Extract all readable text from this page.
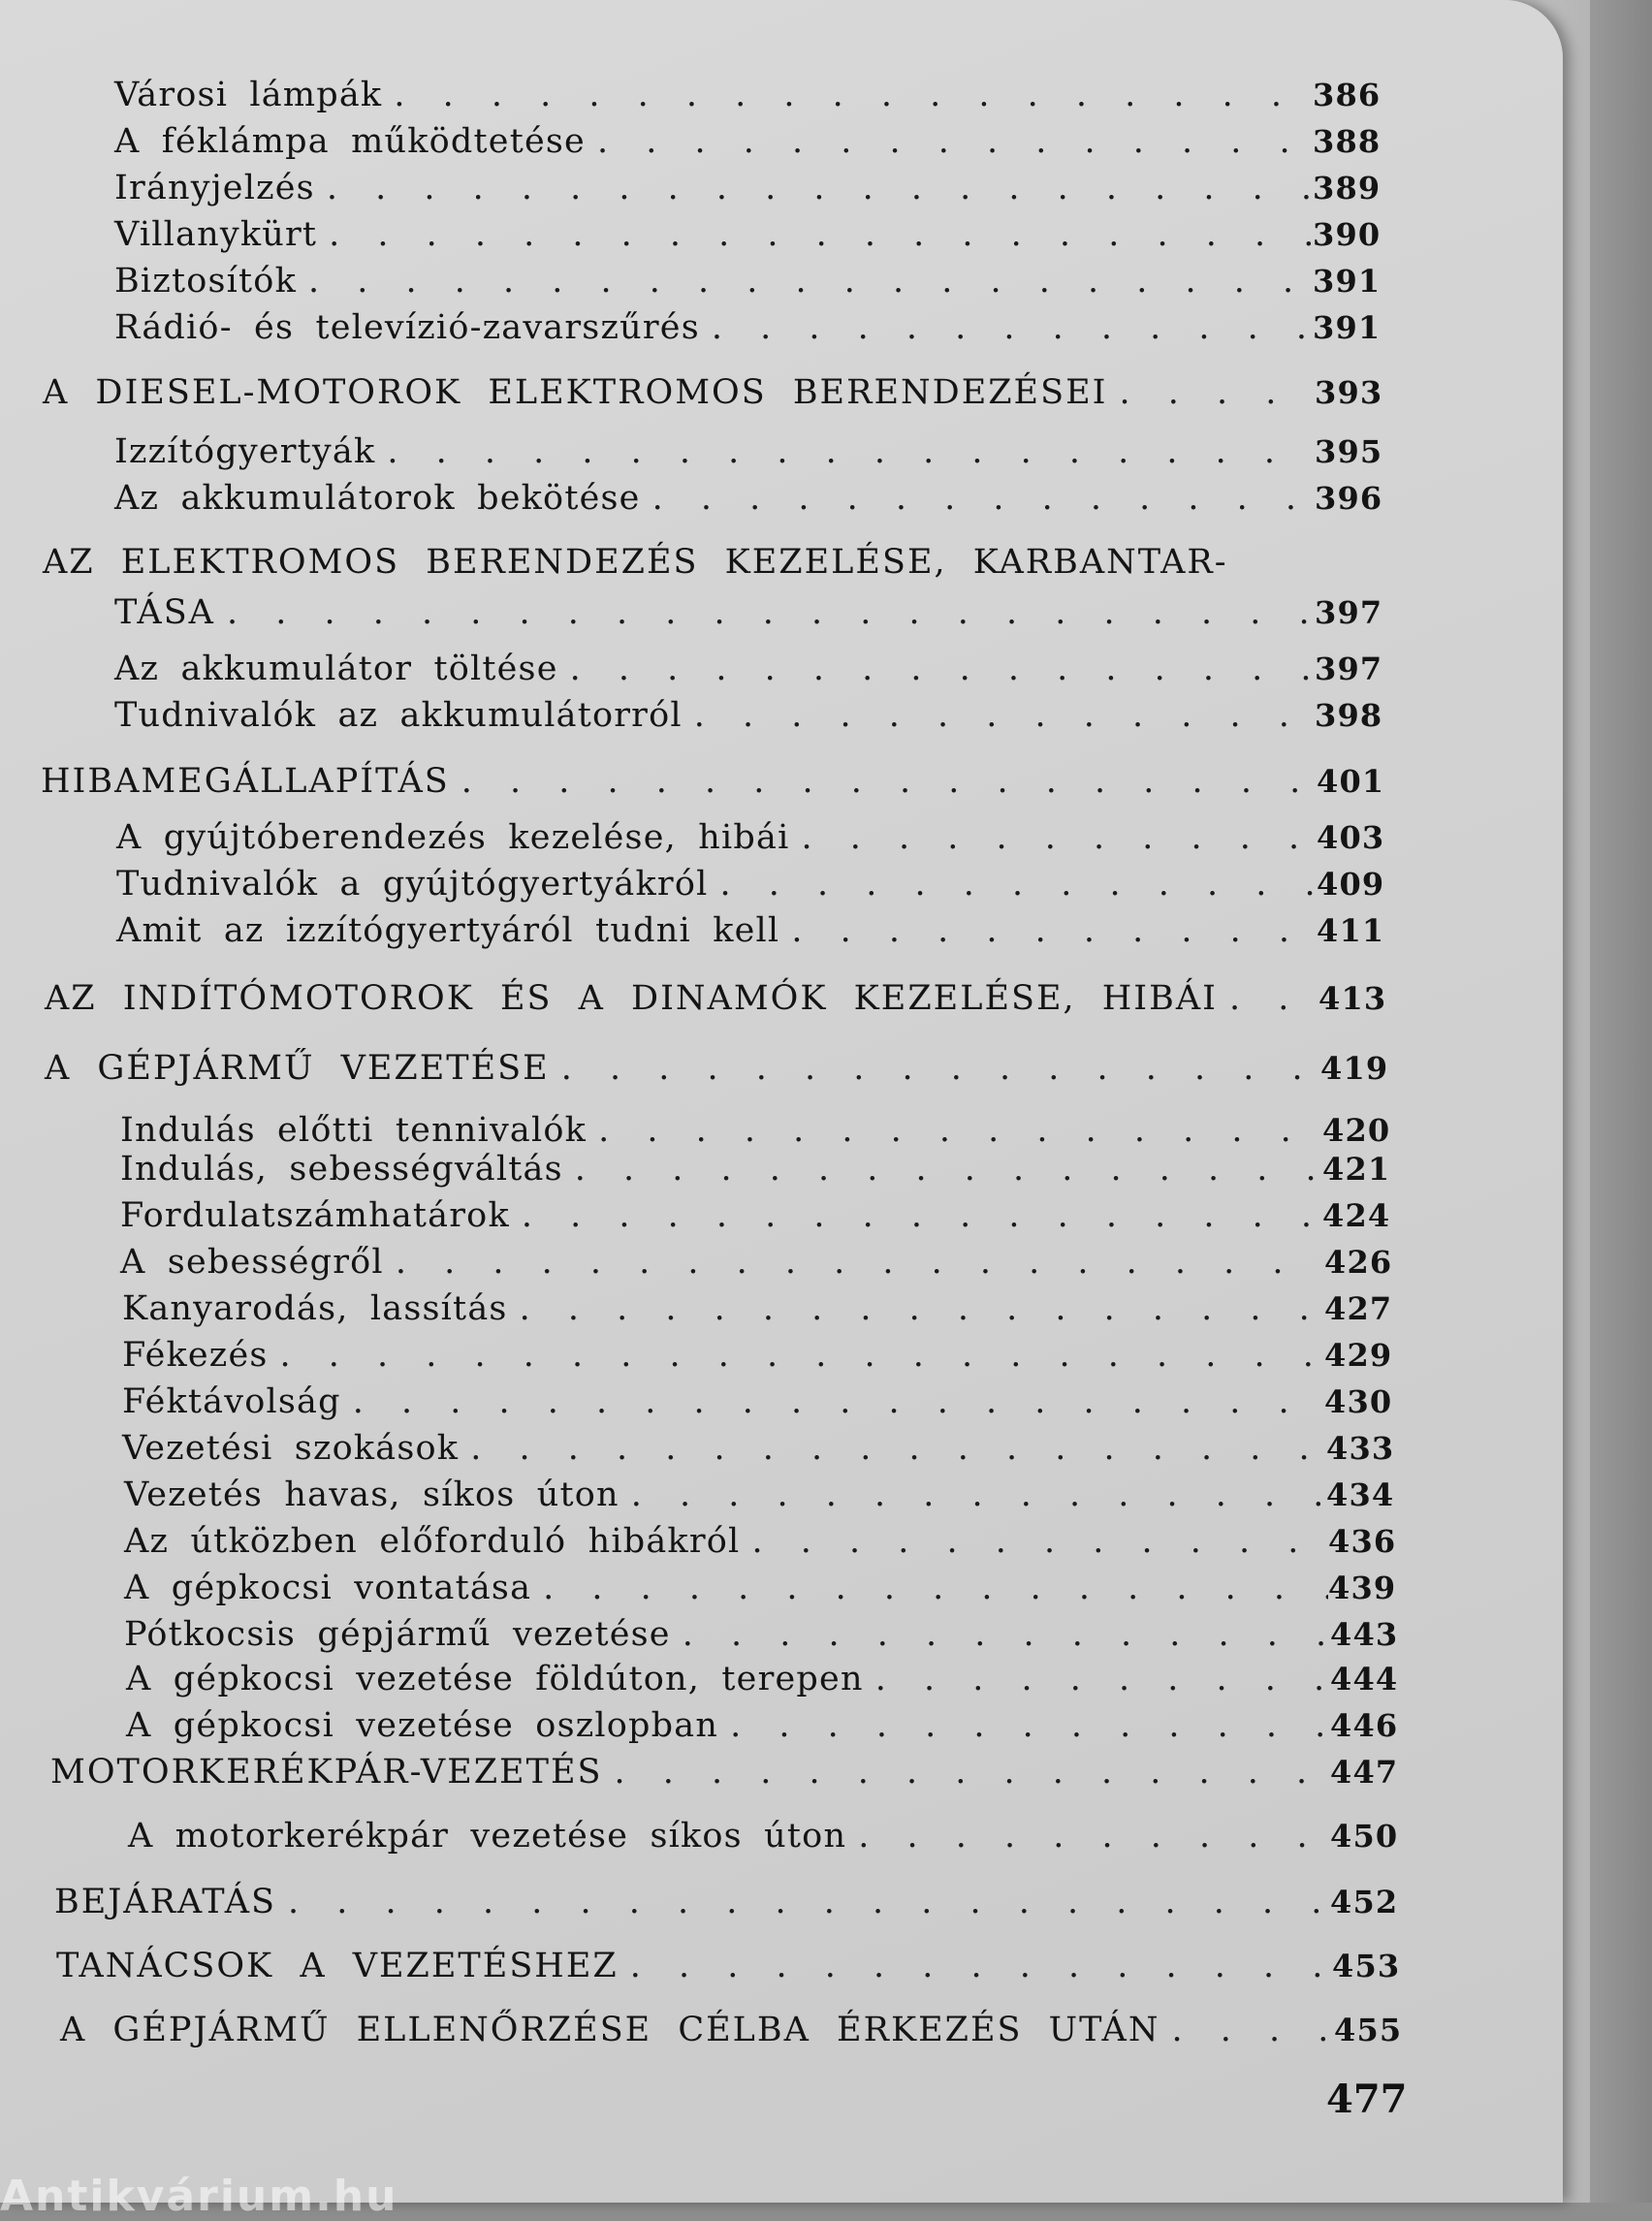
Városi lámpák . . .	386
A féklámpa működtetése . . .	388
Irányjelzés . . .	389
Villanykürt . . .	390
Biztosítók . . .	391
Rádió- és televízió-zavarszűrés . . .	391
A DIESEL-MOTOROK ELEKTROMOS BERENDEZÉSEI . . .	393
Izzítógyertyák . . .	395
Az akkumulátorok bekötése . . .	396
AZ ELEKTROMOS BERENDEZÉS KEZELÉSE, KARBANTAR-
TÁSA . . .	397
Az akkumulátor töltése . . .	397
Tudnivalók az akkumulátorról . . .	398
HIBAMEGÁLLAPÍTÁS . . .	401
A gyújtóberendezés kezelése, hibái . . .	403
Tudnivalók a gyújtógyertyákról . . .	409
Amit az izzítógyertyáról tudni kell . . .	411
AZ INDÍTÓMOTOROK ÉS A DINAMÓK KEZELÉSE, HIBÁI . . .	413
A GÉPJÁRMŰ VEZETÉSE . . .	419
Indulás előtti tennivalók . . .	420
Indulás, sebességváltás . . .	421
Fordulatszámhatárok . . .	424
A sebességről . . .	426
Kanyarodás, lassítás . . .	427
Fékezés . . .	429
Féktávolság . . .	430
Vezetési szokások . . .	433
Vezetés havas, síkos úton . . .	434
Az útközben előforduló hibákról . . .	436
A gépkocsi vontatása . . .	439
Pótkocsis gépjármű vezetése . . .	443
A gépkocsi vezetése földúton, terepen . . .	444
A gépkocsi vezetése oszlopban . . .	446
MOTORKERÉKPÁR-VEZETÉS . . .	447
A motorkerékpár vezetése síkos úton . . .	450
BEJÁRATÁS . . .	452
TANÁCSOK A VEZETÉSHEZ . . .	453
A GÉPJÁRMŰ ELLENŐRZÉSE CÉLBA ÉRKEZÉS UTÁN . . .	455
477
Antikvárium.hu
